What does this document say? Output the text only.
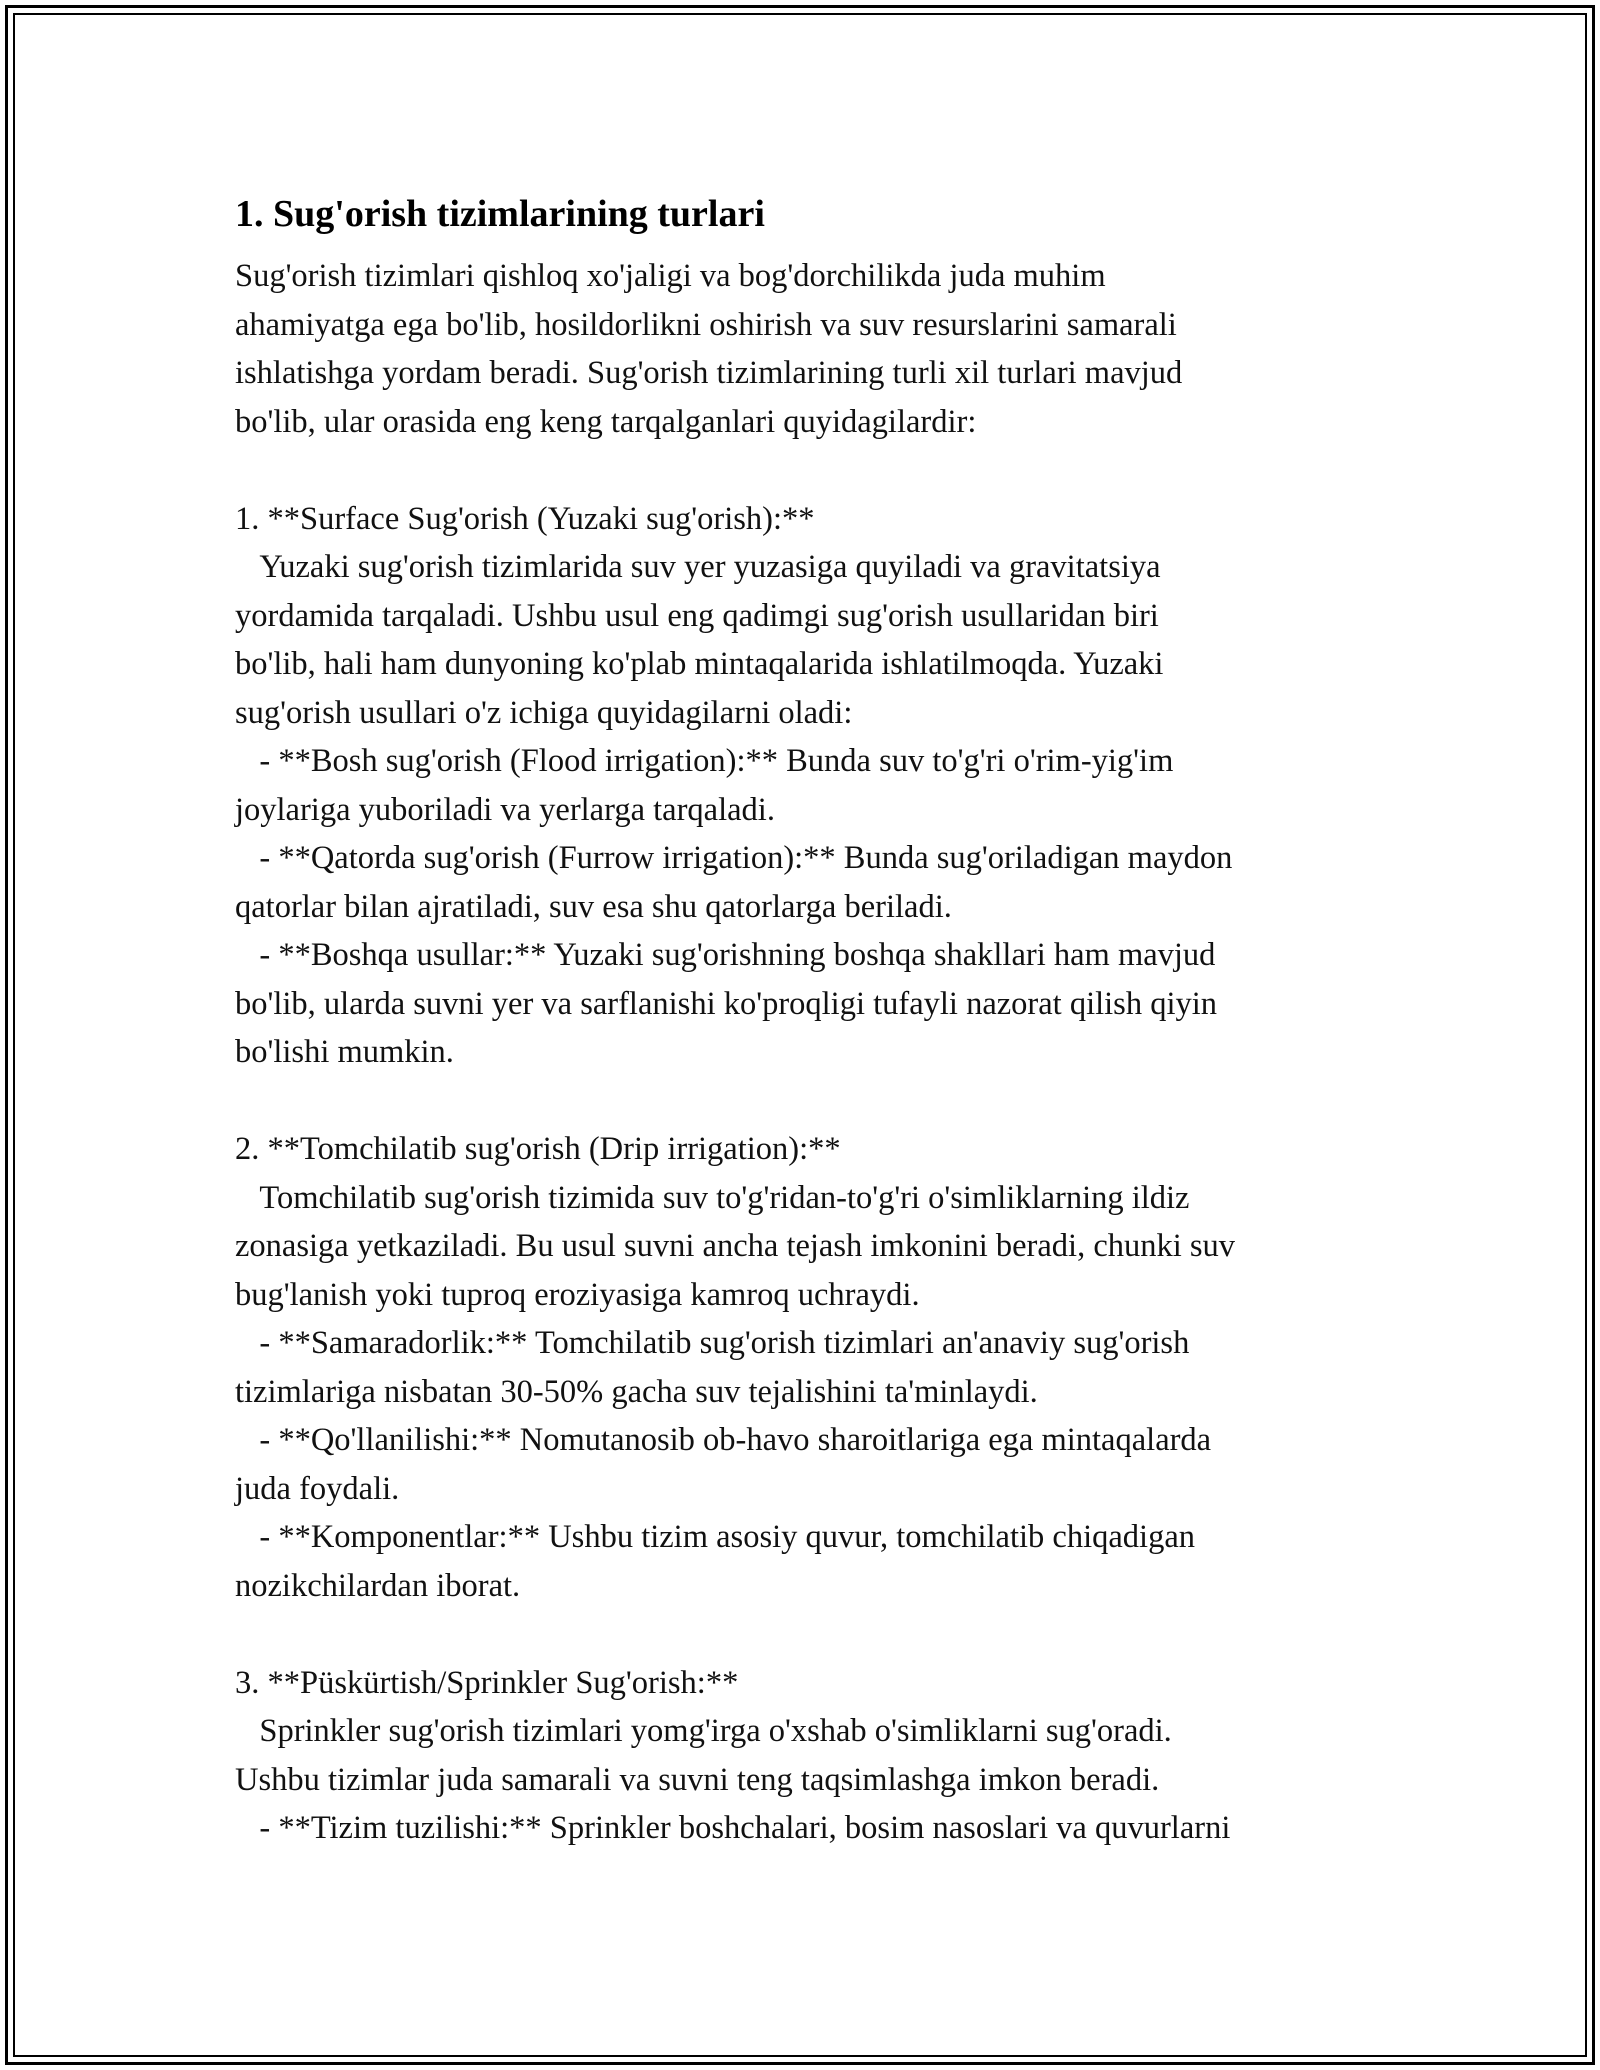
1. Sug'orish tizimlarining turlari

Sug'orish tizimlari qishloq xo'jaligi va bog'dorchilikda juda muhim
ahamiyatga ega bo'lib, hosildorlikni oshirish va suv resurslarini samarali
ishlatishga yordam beradi. Sug'orish tizimlarining turli xil turlari mavjud
bo'lib, ular orasida eng keng tarqalganlari quyidagilardir:

1. **Surface Sug'orish (Yuzaki sug'orish):**
Yuzaki sug'orish tizimlarida suv yer yuzasiga quyiladi va gravitatsiya
yordamida tarqaladi. Ushbu usul eng qadimgi sug'orish usullaridan biri
bo'lib, hali ham dunyoning ko'plab mintaqalarida ishlatilmoqda. Yuzaki
sug'orish usullari o'z ichiga quyidagilarni oladi:
- **Bosh sug'orish (Flood irrigation):** Bunda suv to'g'ri o'rim-yig'im
joylariga yuboriladi va yerlarga tarqaladi.
- **Qatorda sug'orish (Furrow irrigation):** Bunda sug'oriladigan maydon
qatorlar bilan ajratiladi, suv esa shu qatorlarga beriladi.
- **Boshqa usullar:** Yuzaki sug'orishning boshqa shakllari ham mavjud
bo'lib, ularda suvni yer va sarflanishi ko'proqligi tufayli nazorat qilish qiyin
bo'lishi mumkin.

2. **Tomchilatib sug'orish (Drip irrigation):**
Tomchilatib sug'orish tizimida suv to'g'ridan-to'g'ri o'simliklarning ildiz
zonasiga yetkaziladi. Bu usul suvni ancha tejash imkonini beradi, chunki suv
bug'lanish yoki tuproq eroziyasiga kamroq uchraydi.
- **Samaradorlik:** Tomchilatib sug'orish tizimlari an'anaviy sug'orish
tizimlariga nisbatan 30-50% gacha suv tejalishini ta'minlaydi.
- **Qo'llanilishi:** Nomutanosib ob-havo sharoitlariga ega mintaqalarda
juda foydali.
- **Komponentlar:** Ushbu tizim asosiy quvur, tomchilatib chiqadigan
nozikchilardan iborat.

3. **Püskürtish/Sprinkler Sug'orish:**
Sprinkler sug'orish tizimlari yomg'irga o'xshab o'simliklarni sug'oradi.
Ushbu tizimlar juda samarali va suvni teng taqsimlashga imkon beradi.
- **Tizim tuzilishi:** Sprinkler boshchalari, bosim nasoslari va quvurlarni
